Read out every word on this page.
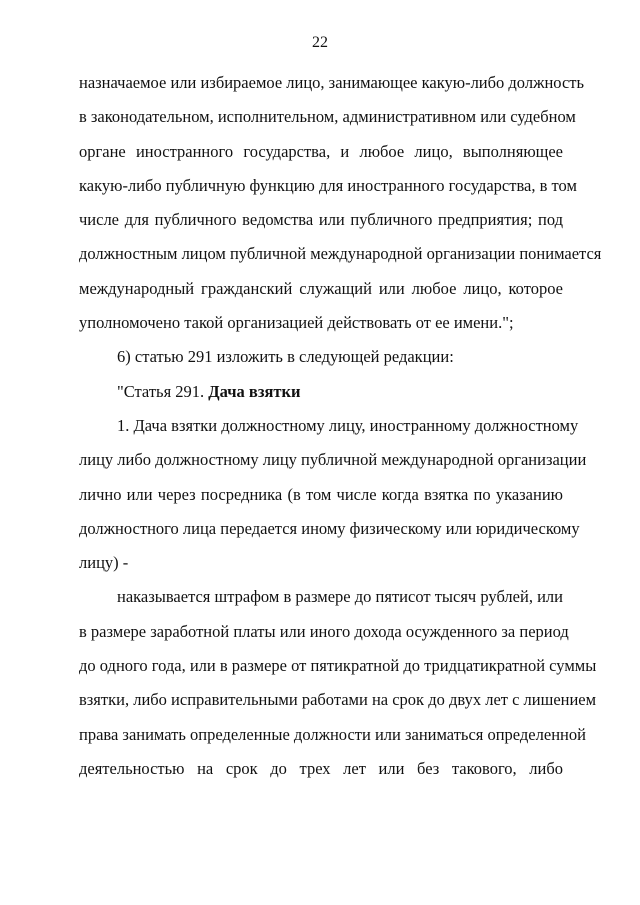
22
назначаемое или избираемое лицо, занимающее какую-либо должность
в законодательном, исполнительном, административном или судебном
органе иностранного государства, и любое лицо, выполняющее
какую-либо публичную функцию для иностранного государства, в том
числе для публичного ведомства или публичного предприятия; под
должностным лицом публичной международной организации понимается
международный гражданский служащий или любое лицо, которое
уполномочено такой организацией действовать от ее имени.";
6) статью 291 изложить в следующей редакции:
"Статья 291. Дача взятки
1. Дача взятки должностному лицу, иностранному должностному
лицу либо должностному лицу публичной международной организации
лично или через посредника (в том числе когда взятка по указанию
должностного лица передается иному физическому или юридическому
лицу) -
наказывается штрафом в размере до пятисот тысяч рублей, или
в размере заработной платы или иного дохода осужденного за период
до одного года, или в размере от пятикратной до тридцатикратной суммы
взятки, либо исправительными работами на срок до двух лет с лишением
права занимать определенные должности или заниматься определенной
деятельностью на срок до трех лет или без такового, либо
